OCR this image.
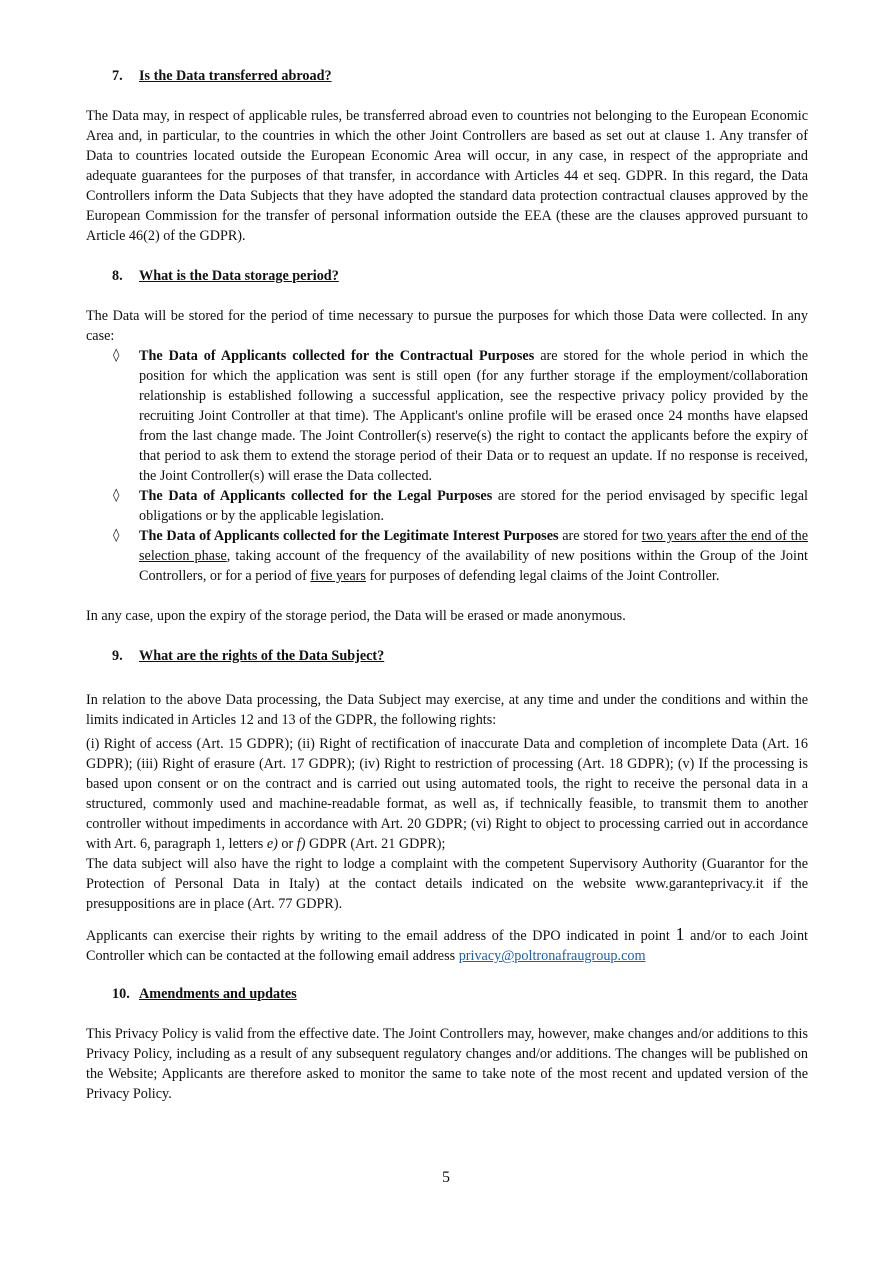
7. Is the Data transferred abroad?

The Data may, in respect of applicable rules, be transferred abroad even to countries not belonging to the European Economic Area and, in particular, to the countries in which the other Joint Controllers are based as set out at clause 1. Any transfer of Data to countries located outside the European Economic Area will occur, in any case, in respect of the appropriate and adequate guarantees for the purposes of that transfer, in accordance with Articles 44 et seq. GDPR. In this regard, the Data Controllers inform the Data Subjects that they have adopted the standard data protection contractual clauses approved by the European Commission for the transfer of personal information outside the EEA (these are the clauses approved pursuant to Article 46(2) of the GDPR).

8. What is the Data storage period?

The Data will be stored for the period of time necessary to pursue the purposes for which those Data were collected. In any case:

◊ The Data of Applicants collected for the Contractual Purposes are stored for the whole period in which the position for which the application was sent is still open (for any further storage if the employment/collaboration relationship is established following a successful application, see the respective privacy policy provided by the recruiting Joint Controller at that time). The Applicant's online profile will be erased once 24 months have elapsed from the last change made. The Joint Controller(s) reserve(s) the right to contact the applicants before the expiry of that period to ask them to extend the storage period of their Data or to request an update. If no response is received, the Joint Controller(s) will erase the Data collected.
◊ The Data of Applicants collected for the Legal Purposes are stored for the period envisaged by specific legal obligations or by the applicable legislation.
◊ The Data of Applicants collected for the Legitimate Interest Purposes are stored for two years after the end of the selection phase, taking account of the frequency of the availability of new positions within the Group of the Joint Controllers, or for a period of five years for purposes of defending legal claims of the Joint Controller.

In any case, upon the expiry of the storage period, the Data will be erased or made anonymous.

9. What are the rights of the Data Subject?

In relation to the above Data processing, the Data Subject may exercise, at any time and under the conditions and within the limits indicated in Articles 12 and 13 of the GDPR, the following rights:

(i) Right of access (Art. 15 GDPR); (ii) Right of rectification of inaccurate Data and completion of incomplete Data (Art. 16 GDPR); (iii) Right of erasure (Art. 17 GDPR); (iv) Right to restriction of processing (Art. 18 GDPR); (v) If the processing is based upon consent or on the contract and is carried out using automated tools, the right to receive the personal data in a structured, commonly used and machine-readable format, as well as, if technically feasible, to transmit them to another controller without impediments in accordance with Art. 20 GDPR; (vi) Right to object to processing carried out in accordance with Art. 6, paragraph 1, letters e) or f) GDPR (Art. 21 GDPR);

The data subject will also have the right to lodge a complaint with the competent Supervisory Authority (Guarantor for the Protection of Personal Data in Italy) at the contact details indicated on the website www.garanteprivacy.it if the presuppositions are in place (Art. 77 GDPR).

Applicants can exercise their rights by writing to the email address of the DPO indicated in point 1 and/or to each Joint Controller which can be contacted at the following email address privacy@poltronafraugroup.com

10. Amendments and updates

This Privacy Policy is valid from the effective date. The Joint Controllers may, however, make changes and/or additions to this Privacy Policy, including as a result of any subsequent regulatory changes and/or additions. The changes will be published on the Website; Applicants are therefore asked to monitor the same to take note of the most recent and updated version of the Privacy Policy.

5
